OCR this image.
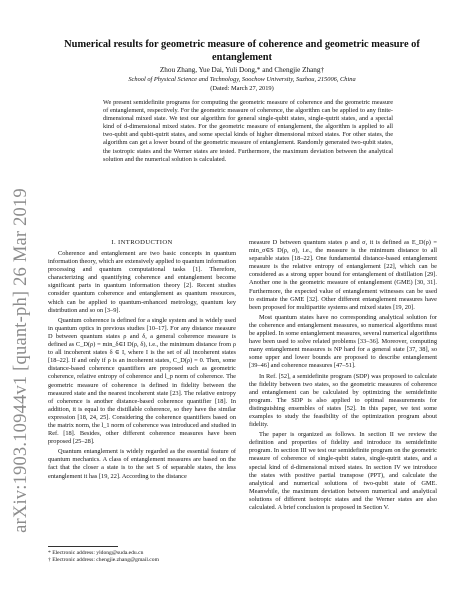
arXiv:1903.10944v1 [quant-ph] 26 Mar 2019
Numerical results for geometric measure of coherence and geometric measure of entanglement
Zhou Zhang, Yue Dai, Yuli Dong,* and Chengjie Zhang†
School of Physical Science and Technology, Soochow University, Suzhou, 215006, China
(Dated: March 27, 2019)
We present semidefinite programs for computing the geometric measure of coherence and the geometric measure of entanglement, respectively. For the geometric measure of coherence, the algorithm can be applied to any finite-dimensional mixed state. We test our algorithm for general single-qubit states, single-qutrit states, and a special kind of d-dimensional mixed states. For the geometric measure of entanglement, the algorithm is applied to all two-qubit and qubit-qutrit states, and some special kinds of higher dimensional mixed states. For other states, the algorithm can get a lower bound of the geometric measure of entanglement. Randomly generated two-qubit states, the isotropic states and the Werner states are tested. Furthermore, the maximum deviation between the analytical solution and the numerical solution is calculated.
I. INTRODUCTION

Coherence and entanglement are two basic concepts in quantum information theory, which are extensively applied to quantum information processing and quantum computational tasks [1]. Therefore, characterizing and quantifying coherence and entanglement become significant parts in quantum information theory [2]. Recent studies consider quantum coherence and entanglement as quantum resources, which can be applied to quantum-enhanced metrology, quantum key distribution and so on [3–9].

Quantum coherence is defined for a single system and is widely used in quantum optics in previous studies [10–17]. For any distance measure D between quantum states ρ and δ, a general coherence measure is defined as C_D(ρ) = min_δ∈I D(ρ, δ), i.e., the minimum distance from ρ to all incoherent states δ ∈ I, where I is the set of all incoherent states [18–22]. If and only if ρ is an incoherent states, C_D(ρ) = 0. Then, some distance-based coherence quantifiers are proposed such as geometric coherence, relative entropy of coherence and l_p norm of coherence. The geometric measure of coherence is defined in fidelity between the measured state and the nearest incoherent state [23]. The relative entropy of coherence is another distance-based coherence quantifier [18]. In addition, it is equal to the distillable coherence, so they have the similar expression [18, 24, 25]. Considering the coherence quantifiers based on the matrix norm, the l_1 norm of coherence was introduced and studied in Ref. [18]. Besides, other different coherence measures have been proposed [25–28].

Quantum entanglement is widely regarded as the essential feature of quantum mechanics. A class of entanglement measures are based on the fact that the closer a state is to the set S of separable states, the less entanglement it has [19, 22]. According to the distance

measure D between quantum states ρ and σ, it is defined as E_D(ρ) = min_σ∈S D(ρ, σ), i.e., the measure is the minimum distance to all separable states [18–22]. One fundamental distance-based entanglement measure is the relative entropy of entanglement [22], which can be considered as a strong upper bound for entanglement of distillation [29]. Another one is the geometric measure of entanglement (GME) [30, 31]. Furthermore, the expected value of entanglement witnesses can be used to estimate the GME [32]. Other different entanglement measures have been proposed for multipartite systems and mixed states [19, 20].

Most quantum states have no corresponding analytical solution for the coherence and entanglement measures, so numerical algorithms must be applied. In some entanglement measures, several numerical algorithms have been used to solve related problems [33–36]. Moreover, computing many entanglement measures is NP hard for a general state [37, 38], so some upper and lower bounds are proposed to describe entanglement [39–46] and coherence measures [47–51].

In Ref. [52], a semidefinite program (SDP) was proposed to calculate the fidelity between two states, so the geometric measures of coherence and entanglement can be calculated by optimizing the semidefinite program. The SDP is also applied to optimal measurements for distinguishing ensembles of states [52]. In this paper, we test some examples to study the feasibility of the optimization program about fidelity.

The paper is organized as follows. In section II we review the definition and properties of fidelity and introduce its semidefinite program. In section III we test our semidefinite program on the geometric measure of coherence of single-qubit states, single-qutrit states, and a special kind of d-dimensional mixed states. In section IV we introduce the states with positive partial transpose (PPT), and calculate the analytical and numerical solutions of two-qubit state of GME. Meanwhile, the maximum deviation between numerical and analytical solutions of different isotropic states and the Werner states are also calculated. A brief conclusion is proposed in Section V.

* Electronic address: yldong@suda.edu.cn
† Electronic address: chengjie.zhang@gmail.com
